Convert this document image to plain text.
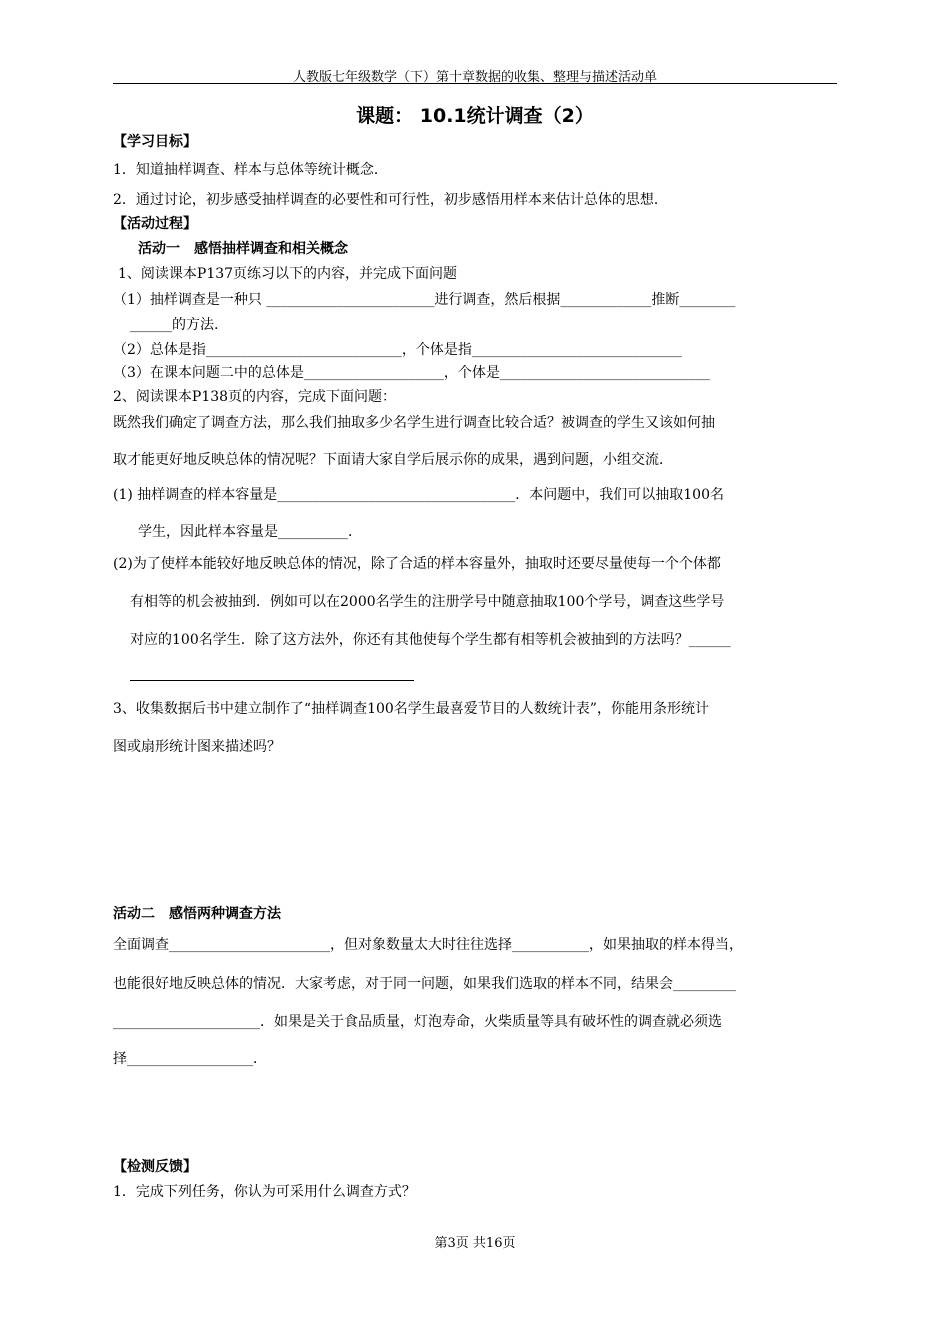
人教版七年级数学（下）第十章数据的收集、整理与描述活动单
课题： 10.1统计调查（2）
【学习目标】
1．知道抽样调查、样本与总体等统计概念．
2．通过讨论，初步感受抽样调查的必要性和可行性，初步感悟用样本来估计总体的思想．
【活动过程】
活动一　感悟抽样调查和相关概念
1、阅读课本P137页练习以下的内容，并完成下面问题
（1）抽样调查是一种只 ________________________进行调查，然后根据_____________推断________
______的方法.
（2）总体是指____________________________，个体是指______________________________
（3）在课本问题二中的总体是____________________，个体是______________________________
2、阅读课本P138页的内容，完成下面问题：
既然我们确定了调查方法，那么我们抽取多少名学生进行调查比较合适？被调查的学生又该如何抽
取才能更好地反映总体的情况呢？下面请大家自学后展示你的成果，遇到问题，小组交流．
(1) 抽样调查的样本容量是__________________________________．本问题中，我们可以抽取100名
学生，因此样本容量是__________．
(2)为了使样本能较好地反映总体的情况，除了合适的样本容量外，抽取时还要尽量使每一个个体都
有相等的机会被抽到．例如可以在2000名学生的注册学号中随意抽取100个学号，调查这些学号
对应的100名学生．除了这方法外，你还有其他使每个学生都有相等机会被抽到的方法吗？______
3、收集数据后书中建立制作了“抽样调查100名学生最喜爱节目的人数统计表”，你能用条形统计
图或扇形统计图来描述吗？
活动二　感悟两种调查方法
全面调查_______________________，但对象数量太大时往往选择___________，如果抽取的样本得当，
也能很好地反映总体的情况．大家考虑，对于同一问题，如果我们选取的样本不同，结果会_________
_____________________．如果是关于食品质量，灯泡寿命，火柴质量等具有破坏性的调查就必须选
择__________________．
【检测反馈】
1．完成下列任务，你认为可采用什么调查方式？
第3页 共16页
